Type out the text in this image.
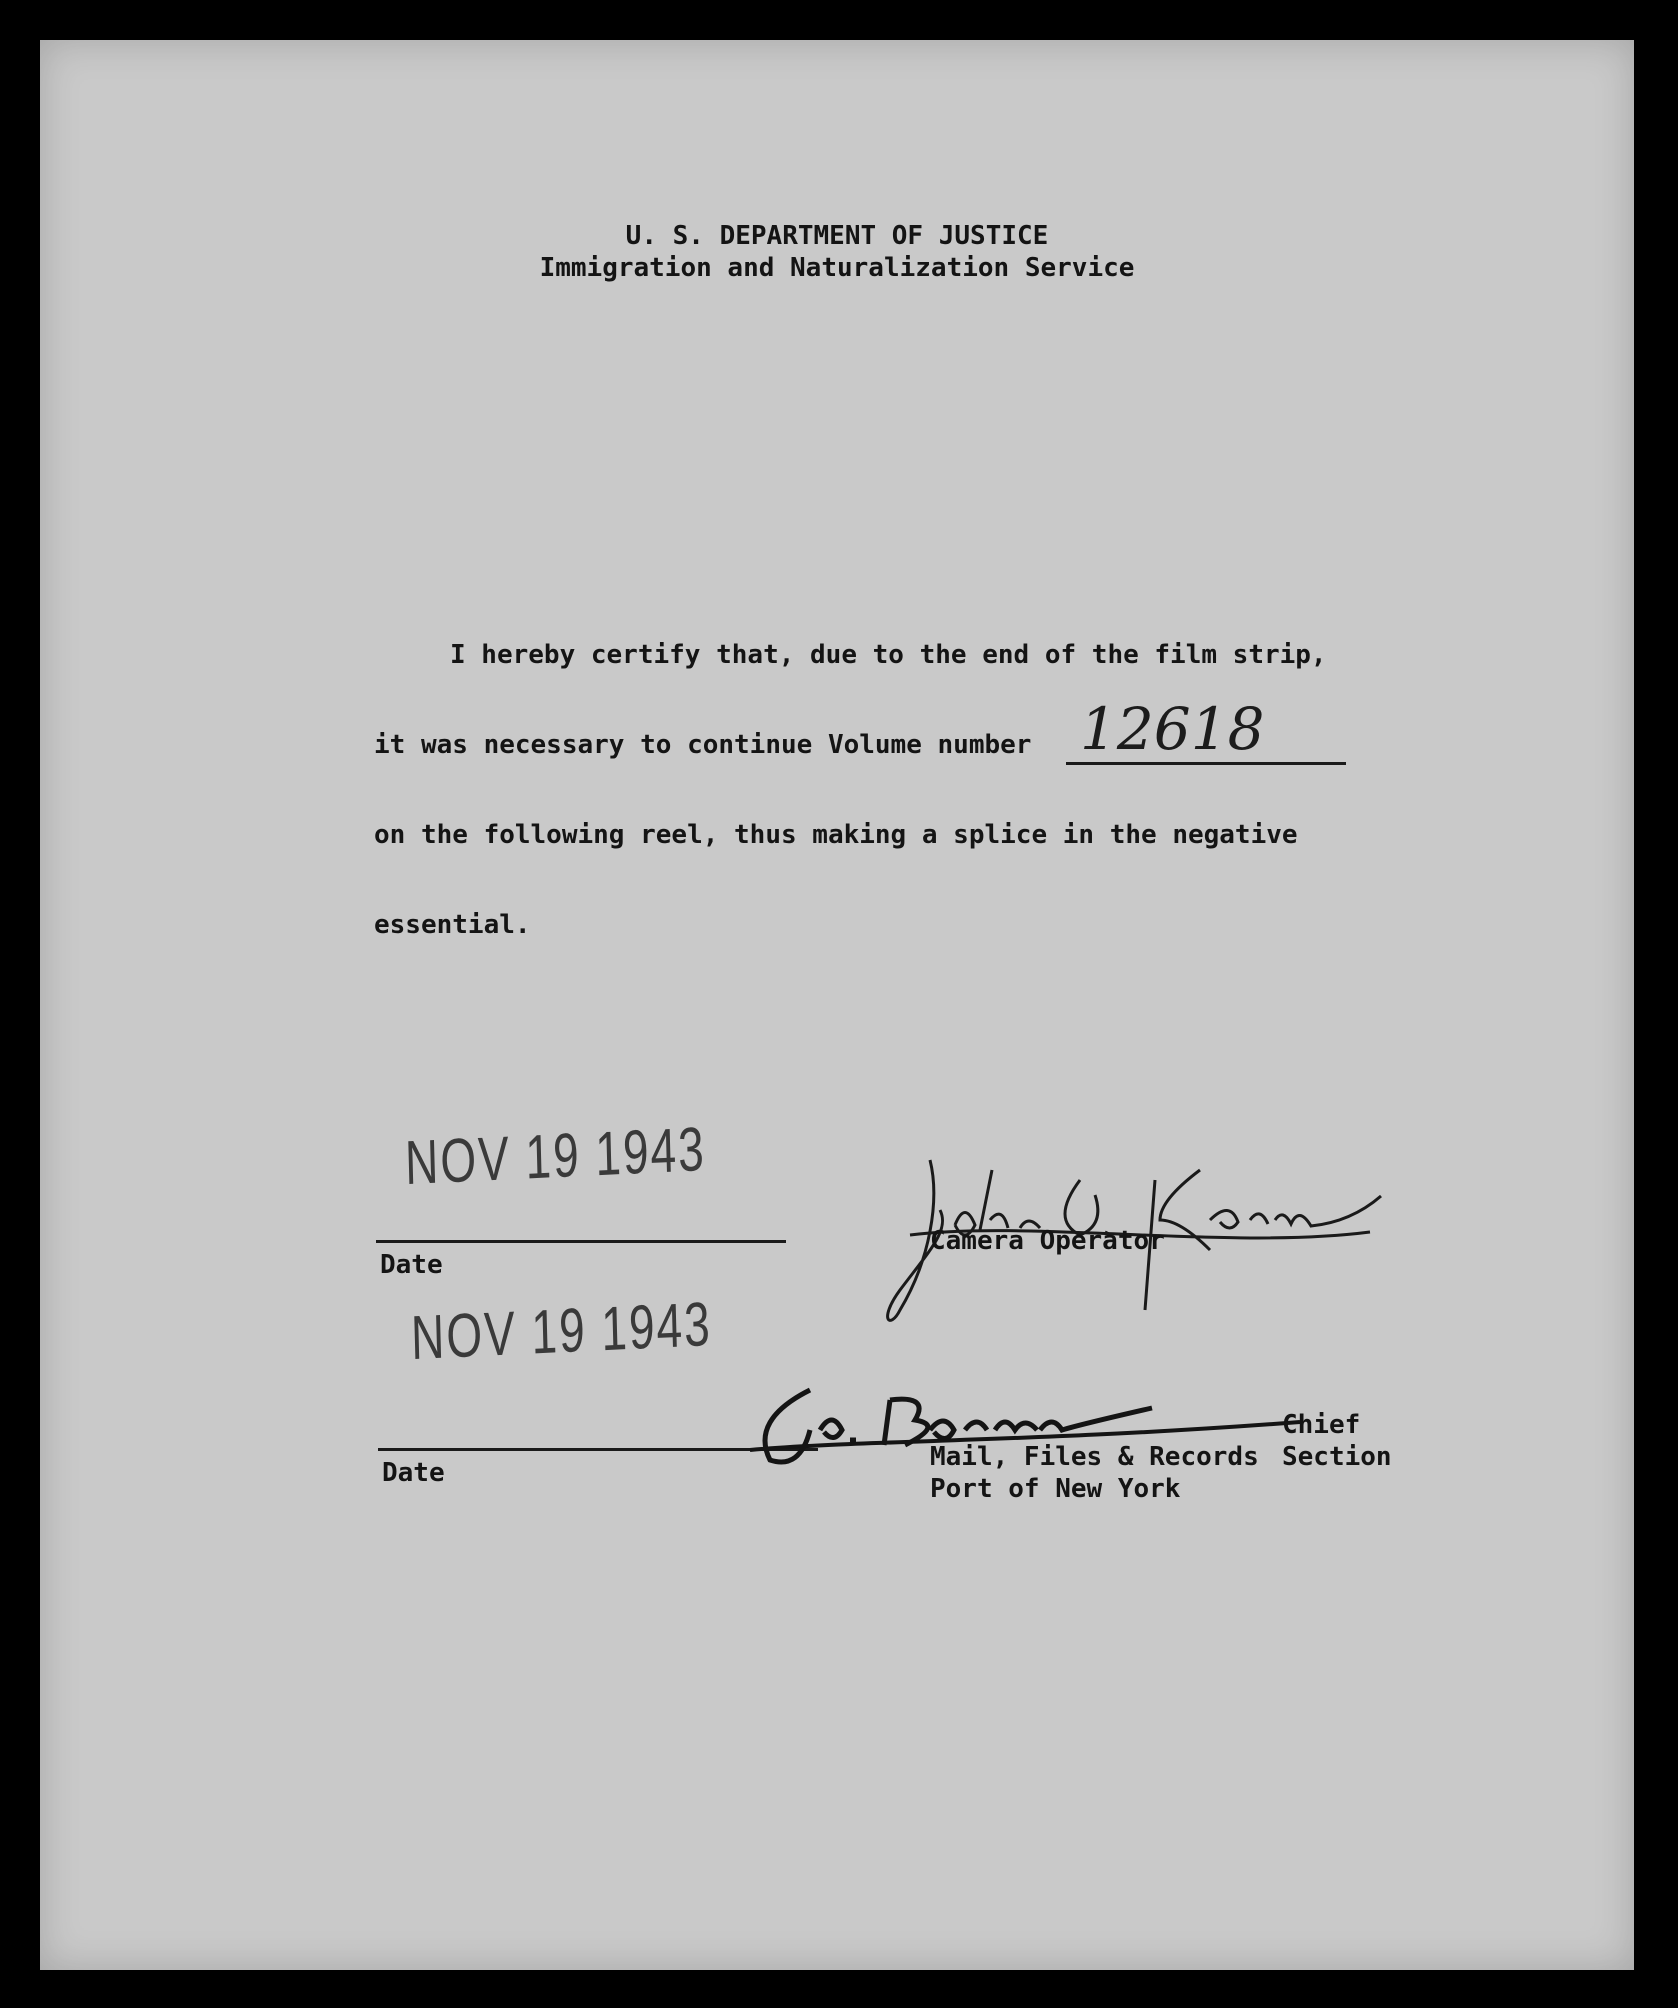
U. S. DEPARTMENT OF JUSTICE
Immigration and Naturalization Service
I hereby certify that, due to the end of the film strip,
it was necessary to continue Volume number 12618
on the following reel, thus making a splice in the negative
essential.
NOV 19 1943
Date
Camera Operator
NOV 19 1943
Date
Chief
Mail, Files & Records Section
Port of New York
